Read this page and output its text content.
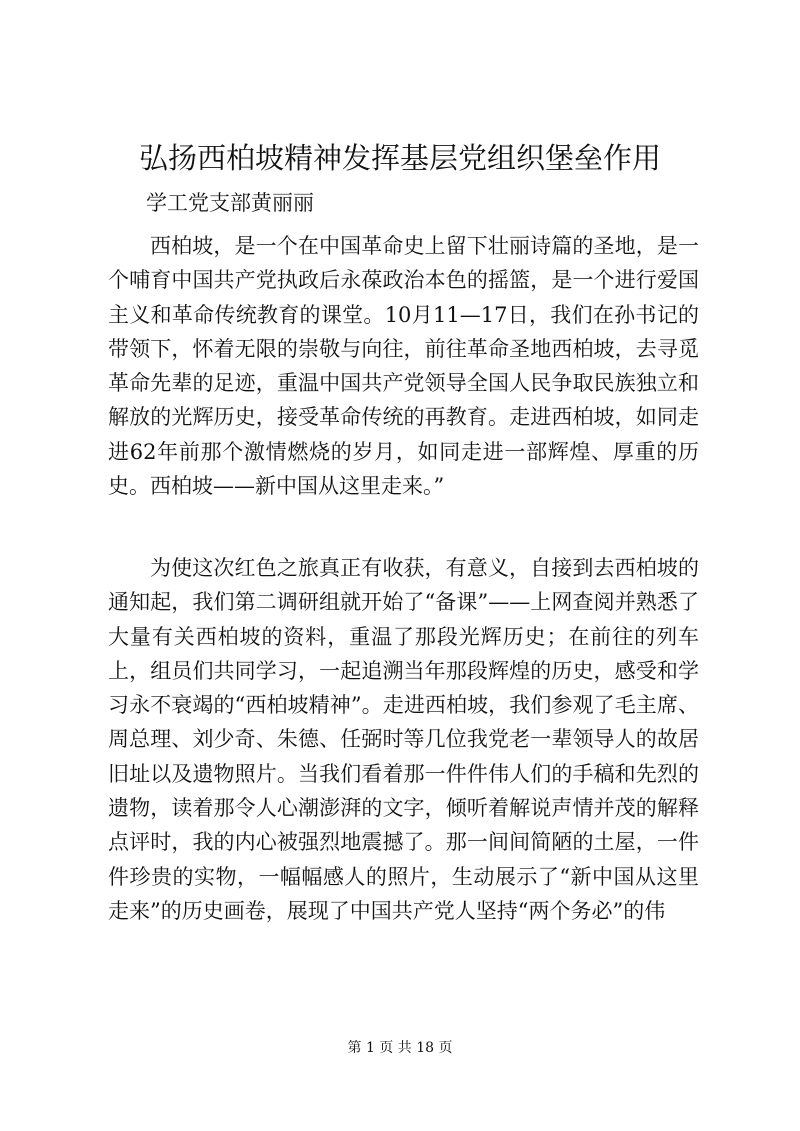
弘扬西柏坡精神发挥基层党组织堡垒作用
学工党支部黄丽丽

西柏坡，是一个在中国革命史上留下壮丽诗篇的圣地，是一个哺育中国共产党执政后永葆政治本色的摇篮，是一个进行爱国主义和革命传统教育的课堂。10月11—17日，我们在孙书记的带领下，怀着无限的崇敬与向往，前往革命圣地西柏坡，去寻觅革命先辈的足迹，重温中国共产党领导全国人民争取民族独立和解放的光辉历史，接受革命传统的再教育。走进西柏坡，如同走进62年前那个激情燃烧的岁月，如同走进一部辉煌、厚重的历史。西柏坡——新中国从这里走来。”

为使这次红色之旅真正有收获，有意义，自接到去西柏坡的通知起，我们第二调研组就开始了“备课”——上网查阅并熟悉了大量有关西柏坡的资料，重温了那段光辉历史；在前往的列车上，组员们共同学习，一起追溯当年那段辉煌的历史，感受和学习永不衰竭的“西柏坡精神”。走进西柏坡，我们参观了毛主席、周总理、刘少奇、朱德、任弼时等几位我党老一辈领导人的故居旧址以及遗物照片。当我们看着那一件件伟人们的手稿和先烈的遗物，读着那令人心潮澎湃的文字，倾听着解说声情并茂的解释点评时，我的内心被强烈地震撼了。那一间间简陋的土屋，一件件珍贵的实物，一幅幅感人的照片，生动展示了“新中国从这里走来”的历史画卷，展现了中国共产党人坚持“两个务必”的伟

第 1 页 共 18 页
